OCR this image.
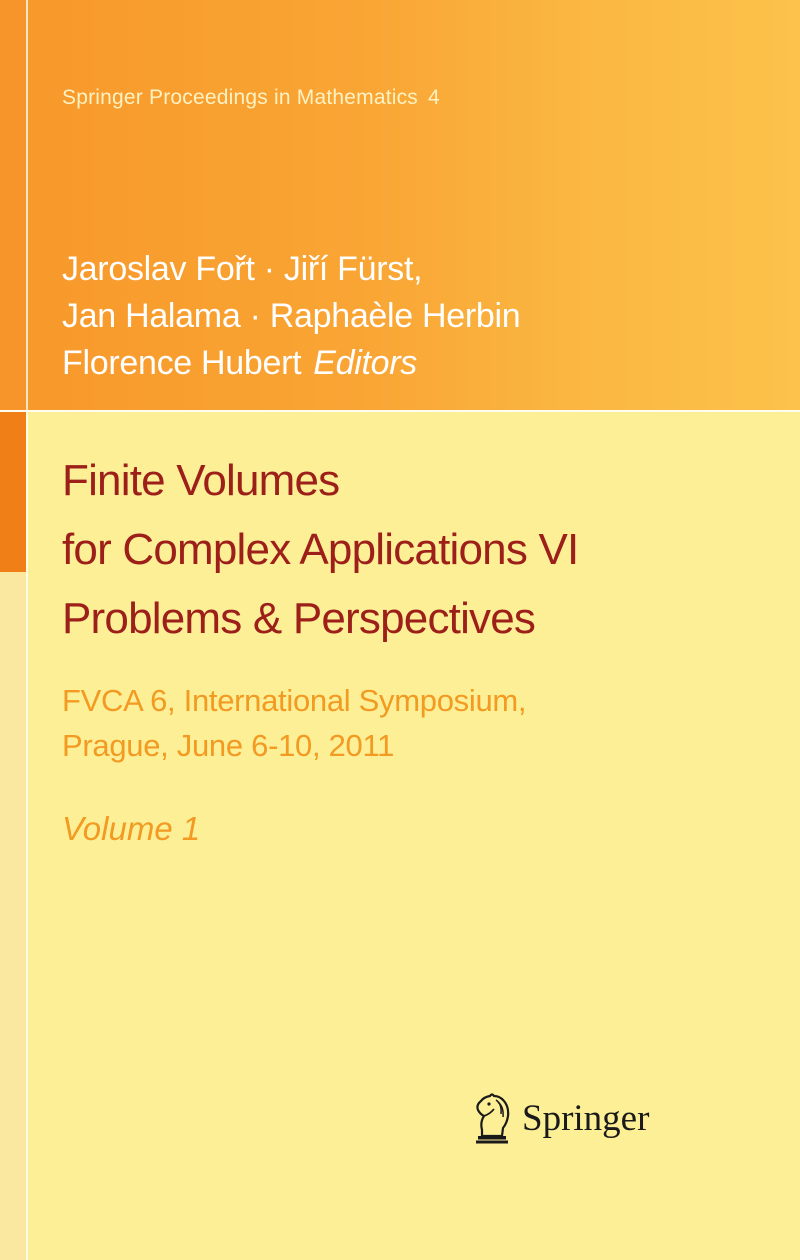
Springer Proceedings in Mathematics 4

Jaroslav Fořt · Jiří Fürst,
Jan Halama · Raphaèle Herbin
Florence Hubert Editors
Finite Volumes
for Complex Applications VI
Problems & Perspectives
FVCA 6, International Symposium,
Prague, June 6-10, 2011

Volume 1

Springer
